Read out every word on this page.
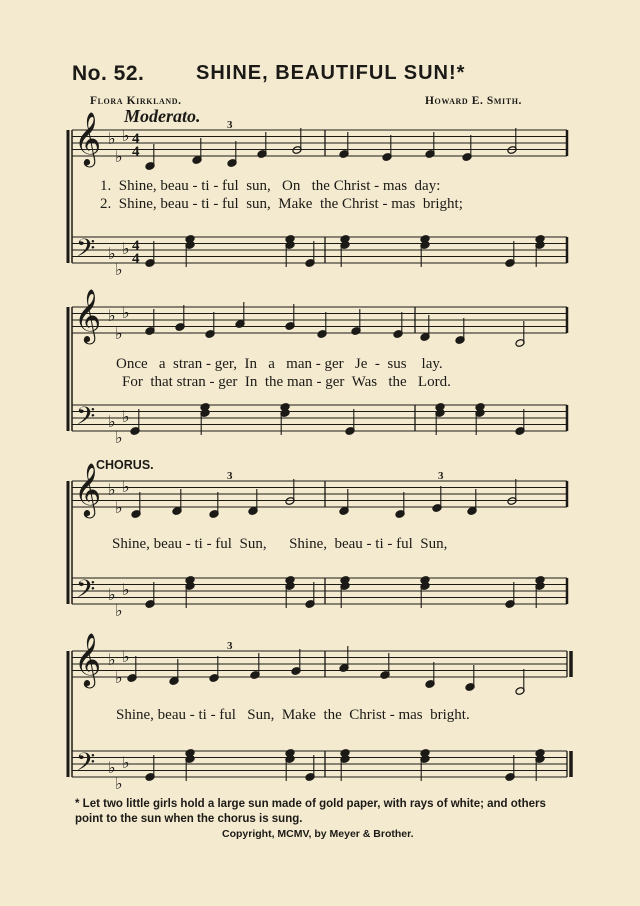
No. 52.	SHINE, BEAUTIFUL SUN!*
Flora Kirkland.	Howard E. Smith.
Moderato.
𝄞
𝄢
♭
♭
♭
♭
♭
♭
4
4
4
4
3
𝄞
𝄢
♭
♭
♭
♭
♭
♭
𝄞
𝄢
♭
♭
♭
♭
♭
♭
3	3
𝄞
𝄢
♭
♭
♭
♭
♭
♭
3
1.  Shine, beau - ti - ful  sun,   On   the Christ - mas  day:
2.  Shine, beau - ti - ful  sun,  Make  the Christ - mas  bright;
Once   a  stran - ger,  In   a   man - ger   Je  -  sus    lay.
For  that stran - ger  In  the man - ger  Was   the   Lord.
CHORUS.
Shine, beau - ti - ful  Sun,      Shine,  beau - ti - ful  Sun,
Shine, beau - ti - ful   Sun,  Make  the  Christ - mas  bright.
* Let two little girls hold a large sun made of gold paper, with rays of white; and others point to the sun when the chorus is sung.
Copyright, MCMV, by Meyer & Brother.
